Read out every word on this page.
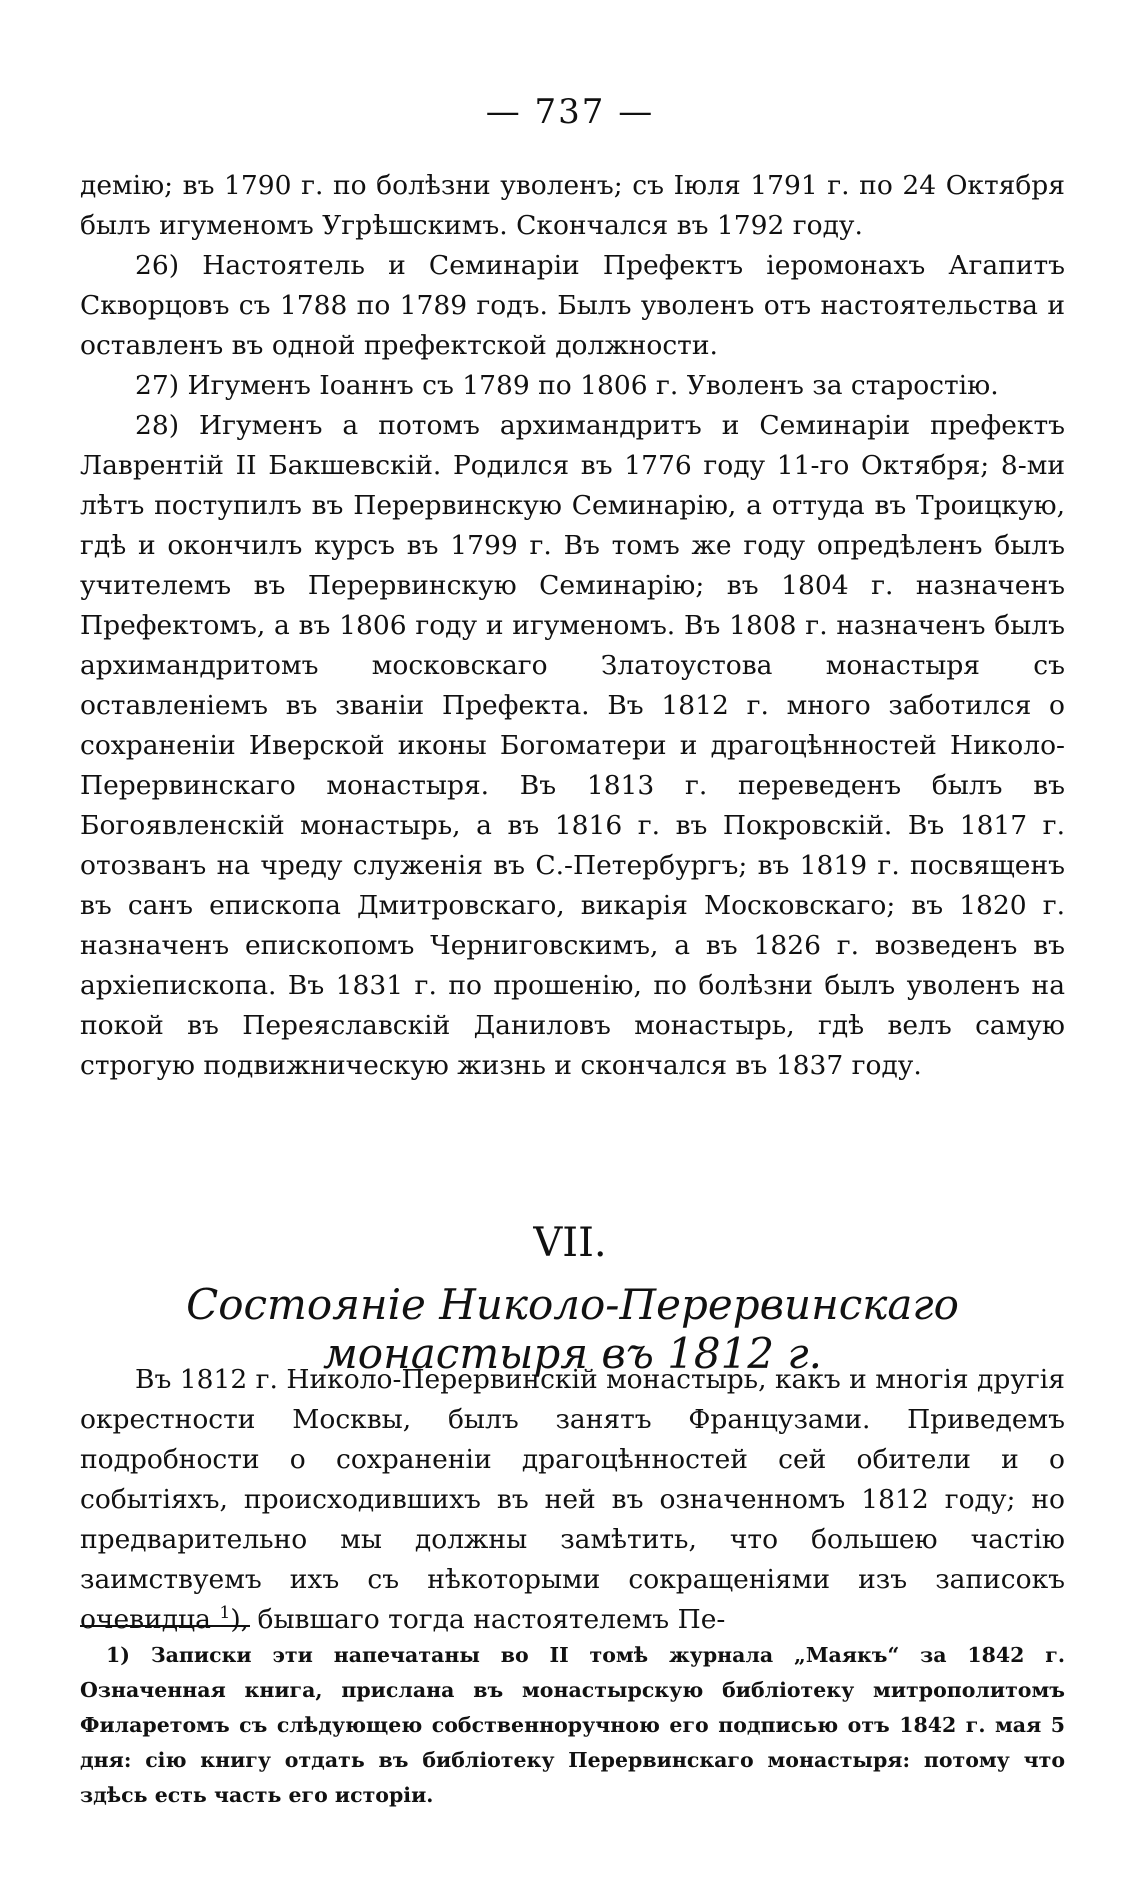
— 737 —

демію; въ 1790 г. по болѣзни уволенъ; съ Іюля 1791 г. по 24 Октября былъ игуменомъ Угрѣшскимъ. Скончался въ 1792 году.

26) Настоятель и Семинаріи Префектъ іеромонахъ Агапитъ Скворцовъ съ 1788 по 1789 годъ. Былъ уволенъ отъ настоятельства и оставленъ въ одной префектской должности.

27) Игуменъ Іоаннъ съ 1789 по 1806 г. Уволенъ за старостію.

28) Игуменъ а потомъ архимандритъ и Семинаріи префектъ Лаврентій II Бакшевскій. Родился въ 1776 году 11-го Октября; 8-ми лѣтъ поступилъ въ Перервинскую Семинарію, а оттуда въ Троицкую, гдѣ и окончилъ курсъ въ 1799 г. Въ томъ же году опредѣленъ былъ учителемъ въ Перервинскую Семинарію; въ 1804 г. назначенъ Префектомъ, а въ 1806 году и игуменомъ. Въ 1808 г. назначенъ былъ архимандритомъ московскаго Златоустова монастыря съ оставленіемъ въ званіи Префекта. Въ 1812 г. много заботился о сохраненіи Иверской иконы Богоматери и драгоцѣнностей Николо-Перервинскаго монастыря. Въ 1813 г. переведенъ былъ въ Богоявленскій монастырь, а въ 1816 г. въ Покровскій. Въ 1817 г. отозванъ на чреду служенія въ С.-Петербургъ; въ 1819 г. посвященъ въ санъ епископа Дмитровскаго, викарія Московскаго; въ 1820 г. назначенъ епископомъ Черниговскимъ, а въ 1826 г. возведенъ въ архіепископа. Въ 1831 г. по прошенію, по болѣзни былъ уволенъ на покой въ Переяславскій Даниловъ монастырь, гдѣ велъ самую строгую подвижническую жизнь и скончался въ 1837 году.

VII.
Состояніе Николо-Перервинскаго монастыря въ 1812 г.

Въ 1812 г. Николо-Перервинскій монастырь, какъ и многія другія окрестности Москвы, былъ занятъ Французами. Приведемъ подробности о сохраненіи драгоцѣнностей сей обители и о событіяхъ, происходившихъ въ ней въ означенномъ 1812 году; но предварительно мы должны замѣтить, что большею частію заимствуемъ ихъ съ нѣкоторыми сокращеніями изъ записокъ очевидца $^1$), бывшаго тогда настоятелемъ Пе-

1) Записки эти напечатаны во II томѣ журнала „Маякъ“ за 1842 г. Означенная книга, прислана въ монастырскую библіотеку митрополитомъ Филаретомъ съ слѣдующею собственноручною его подписью отъ 1842 г. мая 5 дня: сію книгу отдать въ библіотеку Перервинскаго монастыря: потому что здѣсь есть часть его исторіи.
